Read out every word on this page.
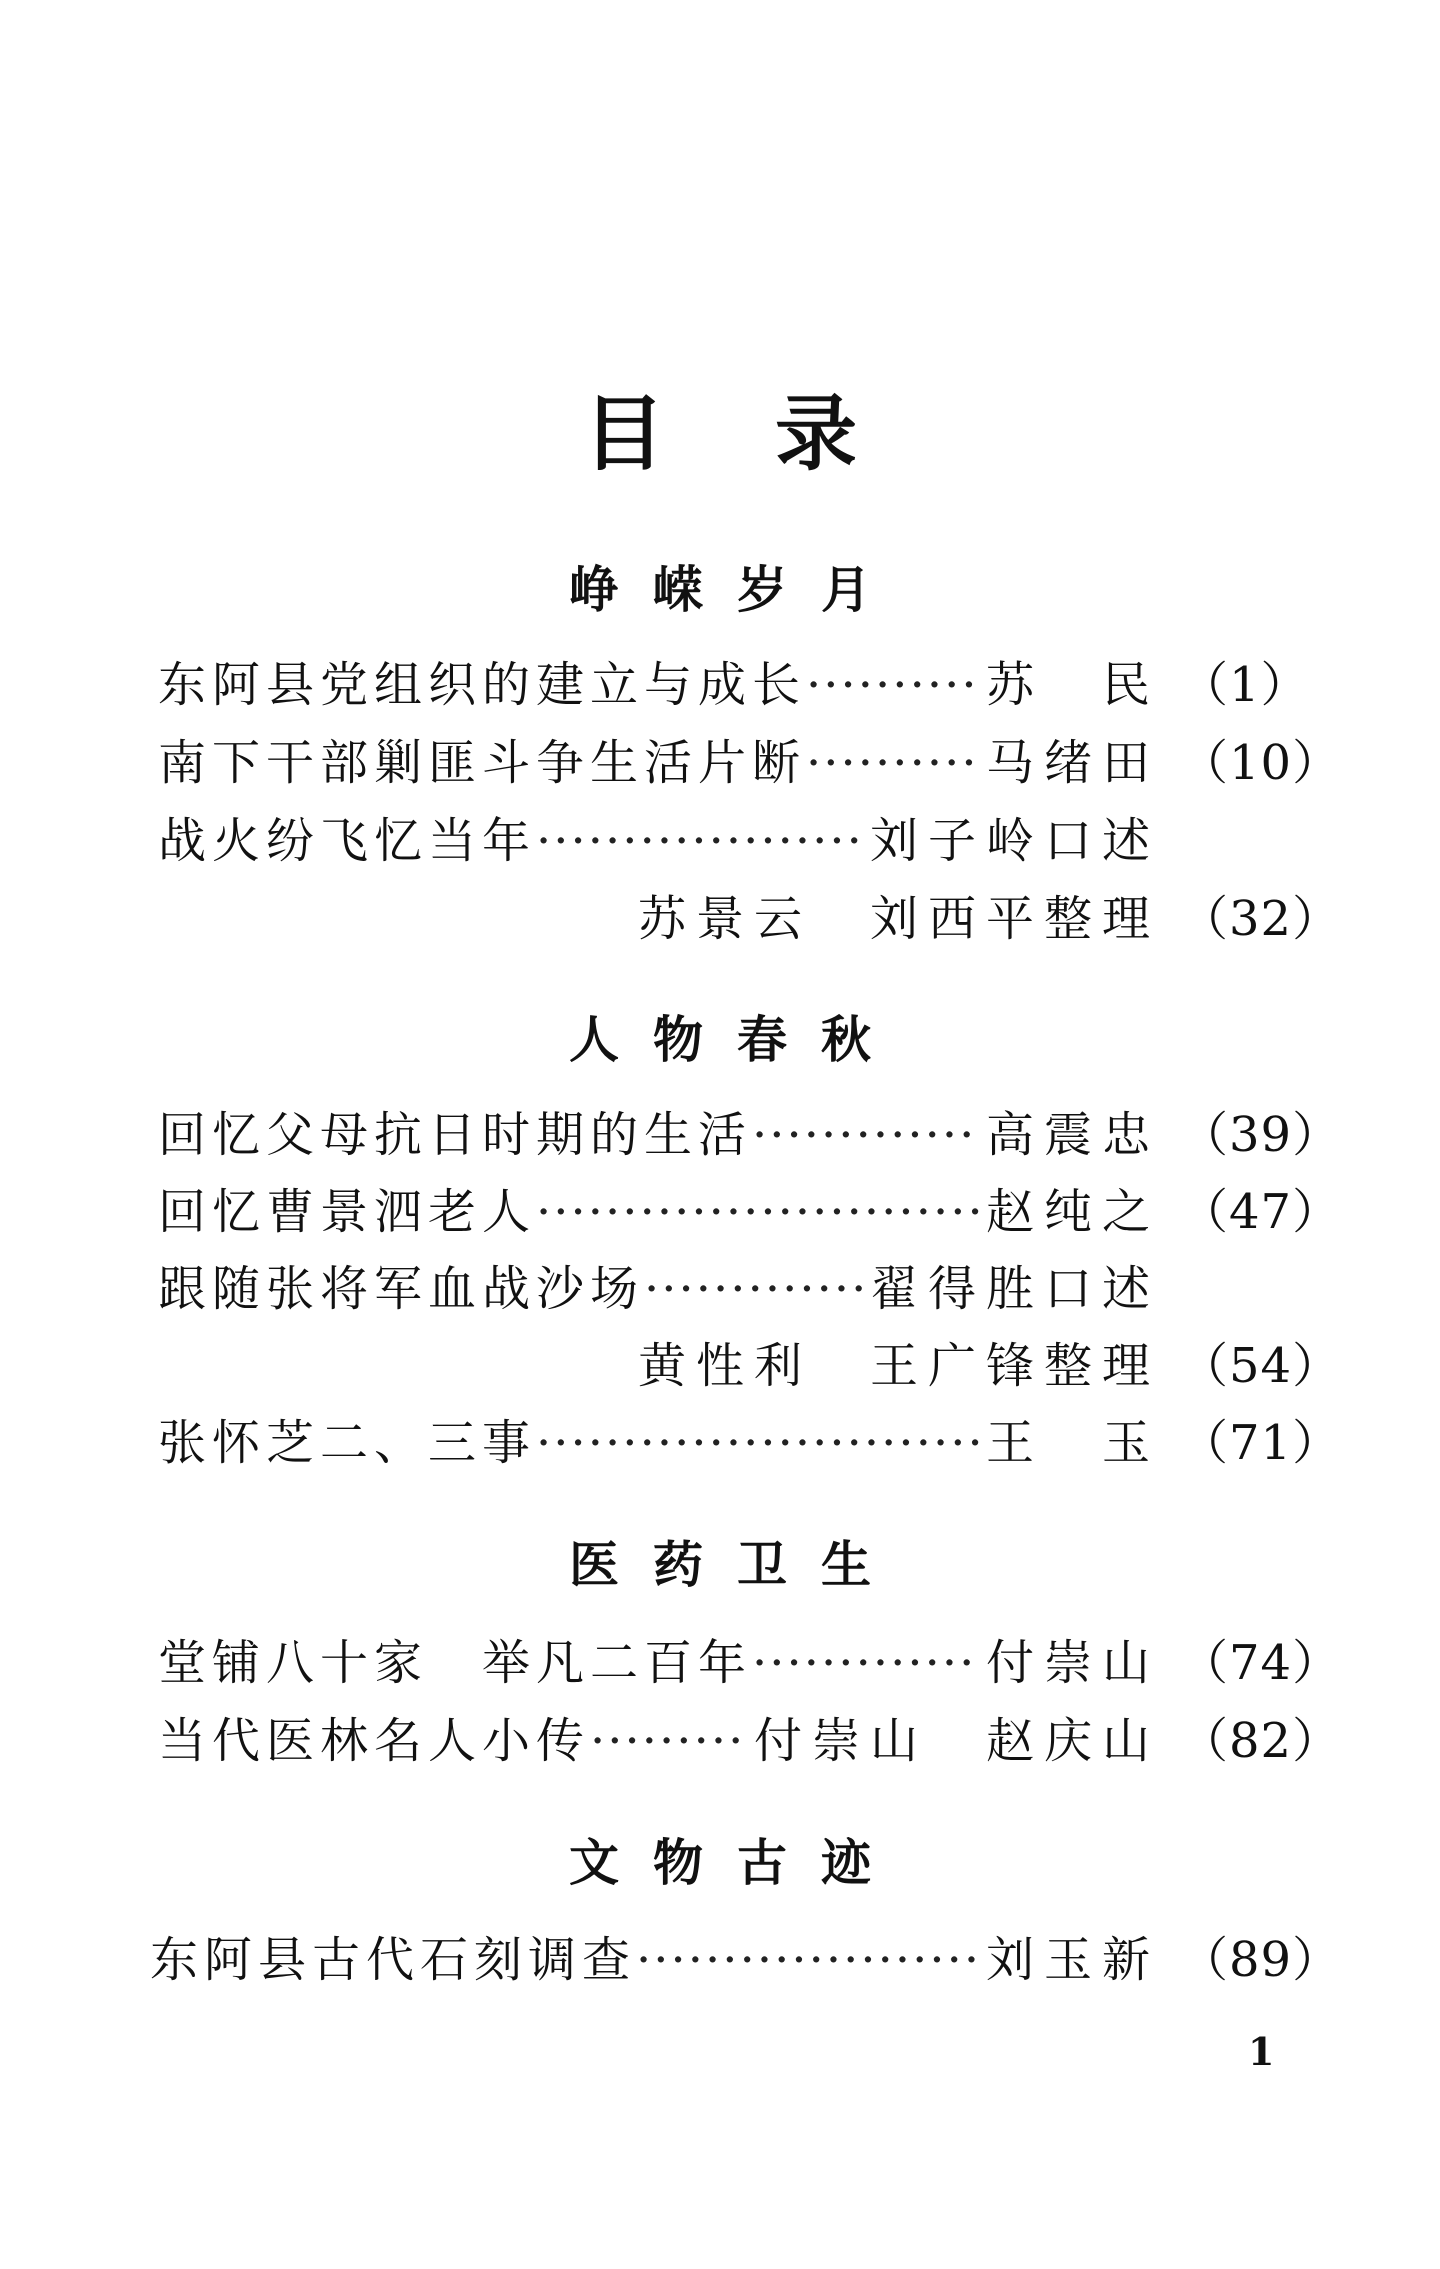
目录
峥嵘岁月
东阿县党组织的建立与成长 ·····	苏　民 （1）
南下干部剿匪斗争生活片断 ·····	马绪田 （10）
战火纷飞忆当年 ·····	刘子岭口述
苏景云　刘西平整理 （32）
人物春秋
回忆父母抗日时期的生活 ·····	高震忠 （39）
回忆曹景泗老人 ·····	赵纯之 （47）
跟随张将军血战沙场 ·····	翟得胜口述
黄性利　王广锋整理 （54）
张怀芝二、三事 ·····	王　玉 （71）
医药卫生
堂铺八十家　举凡二百年 ·····	付崇山 （74）
当代医林名人小传 ·····	付崇山　赵庆山 （82）
文物古迹
东阿县古代石刻调查 ·····	刘玉新 （89）
1
